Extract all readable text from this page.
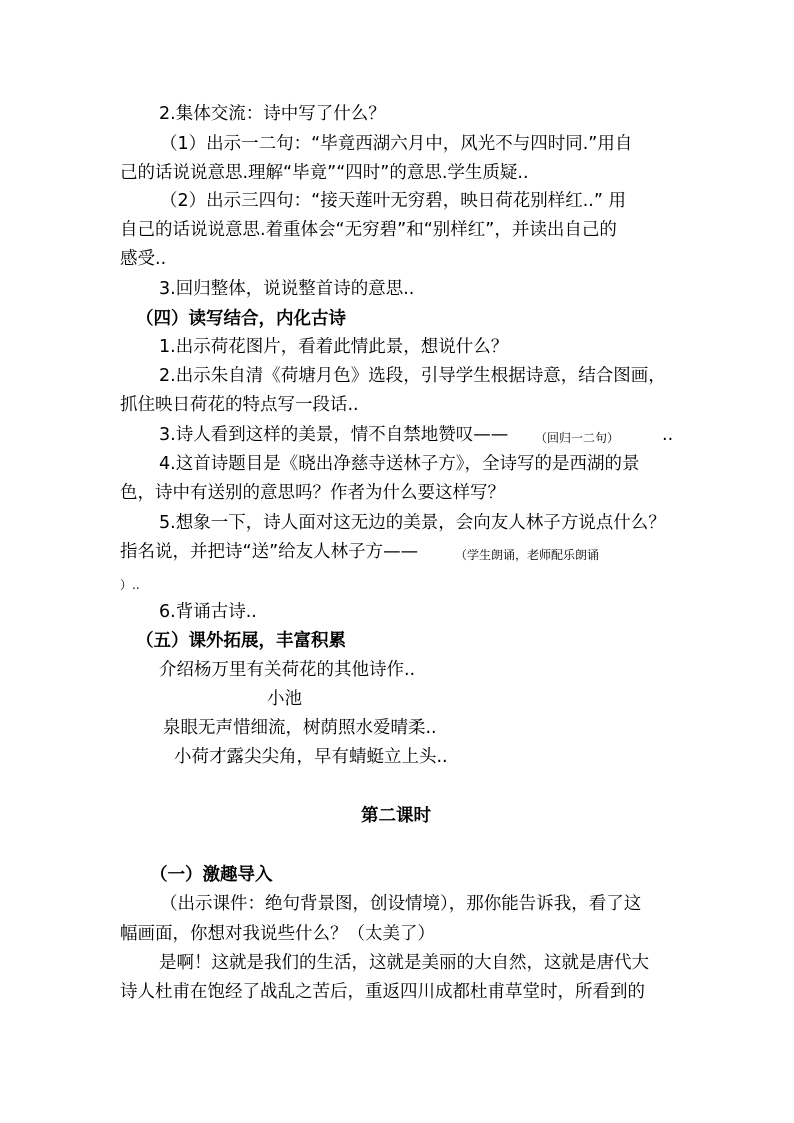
2.集体交流：诗中写了什么？
（1）出示一二句：“毕竟西湖六月中，风光不与四时同.”用自
己的话说说意思.理解“毕竟”“四时”的意思.学生质疑..
（2）出示三四句：“接天莲叶无穷碧，映日荷花别样红..” 用
自己的话说说意思.着重体会“无穷碧”和“别样红”，并读出自己的
感受..
3.回归整体，说说整首诗的意思..
（四）读写结合，内化古诗
1.出示荷花图片，看着此情此景，想说什么？
2.出示朱自清《荷塘月色》选段，引导学生根据诗意，结合图画，
抓住映日荷花的特点写一段话..
3.诗人看到这样的美景，情不自禁地赞叹—— （回归一二句） ..
4.这首诗题目是《晓出净慈寺送林子方》，全诗写的是西湖的景
色，诗中有送别的意思吗？作者为什么要这样写？
5.想象一下，诗人面对这无边的美景，会向友人林子方说点什么？
指名说，并把诗“送”给友人林子方——	（学生朗诵，老师配乐朗诵
）..
6.背诵古诗..
（五）课外拓展，丰富积累
介绍杨万里有关荷花的其他诗作..
小池
泉眼无声惜细流，树荫照水爱晴柔..
小荷才露尖尖角，早有蜻蜓立上头..
第二课时
（一）激趣导入
（出示课件：绝句背景图，创设情境），那你能告诉我，看了这
幅画面，你想对我说些什么？（太美了）
是啊！这就是我们的生活，这就是美丽的大自然，这就是唐代大
诗人杜甫在饱经了战乱之苦后，重返四川成都杜甫草堂时，所看到的
